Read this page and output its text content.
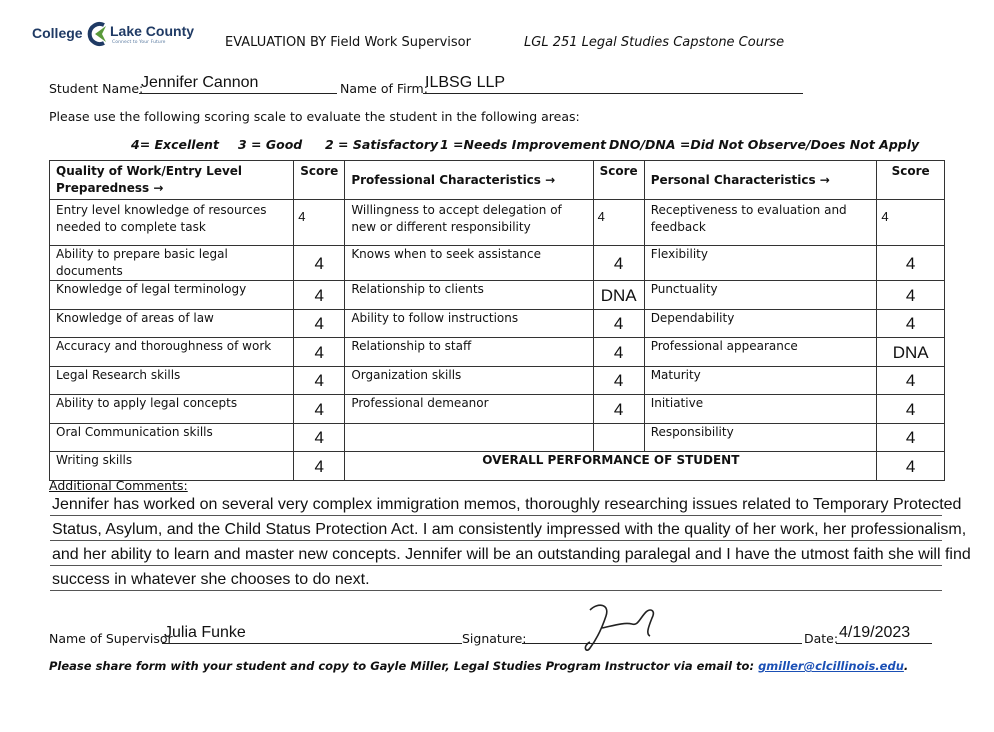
College Lake County
Connect to Your Future	EVALUATION BY Field Work Supervisor	LGL 251 Legal Studies Capstone Course
Student Name:
Jennifer Cannon	Name of Firm:
ILBSG LLP
Please use the following scoring scale to evaluate the student in the following areas:
4= Excellent 3 = Good 2 = Satisfactory 1 =Needs Improvement DNO/DNA =Did Not Observe/Does Not Apply
Quality of Work/Entry Level Preparedness →	Score	Professional Characteristics →	Score	Personal Characteristics →	Score
Entry level knowledge of resources needed to complete task	4	Willingness to accept delegation of new or different responsibility	4	Receptiveness to evaluation and feedback	4
Ability to prepare basic legal documents	4	Knows when to seek assistance	4	Flexibility	4
Knowledge of legal terminology	4	Relationship to clients	DNA	Punctuality	4
Knowledge of areas of law	4	Ability to follow instructions	4	Dependability	4
Accuracy and thoroughness of work	4	Relationship to staff	4	Professional appearance	DNA
Legal Research skills	4	Organization skills	4	Maturity	4
Ability to apply legal concepts	4	Professional demeanor	4	Initiative	4
Oral Communication skills	4			Responsibility	4
Writing skills	4	OVERALL PERFORMANCE OF STUDENT			4
Additional Comments:
Jennifer has worked on several very complex immigration memos, thoroughly researching issues related to Temporary Protected
Status, Asylum, and the Child Status Protection Act. I am consistently impressed with the quality of her work, her professionalism,
and her ability to learn and master new concepts. Jennifer will be an outstanding paralegal and I have the utmost faith she will find
success in whatever she chooses to do next.
Name of Supervisor
Julia Funke	Signature:	Date: 4/19/2023
Please share form with your student and copy to Gayle Miller, Legal Studies Program Instructor via email to: gmiller@clcillinois.edu.
